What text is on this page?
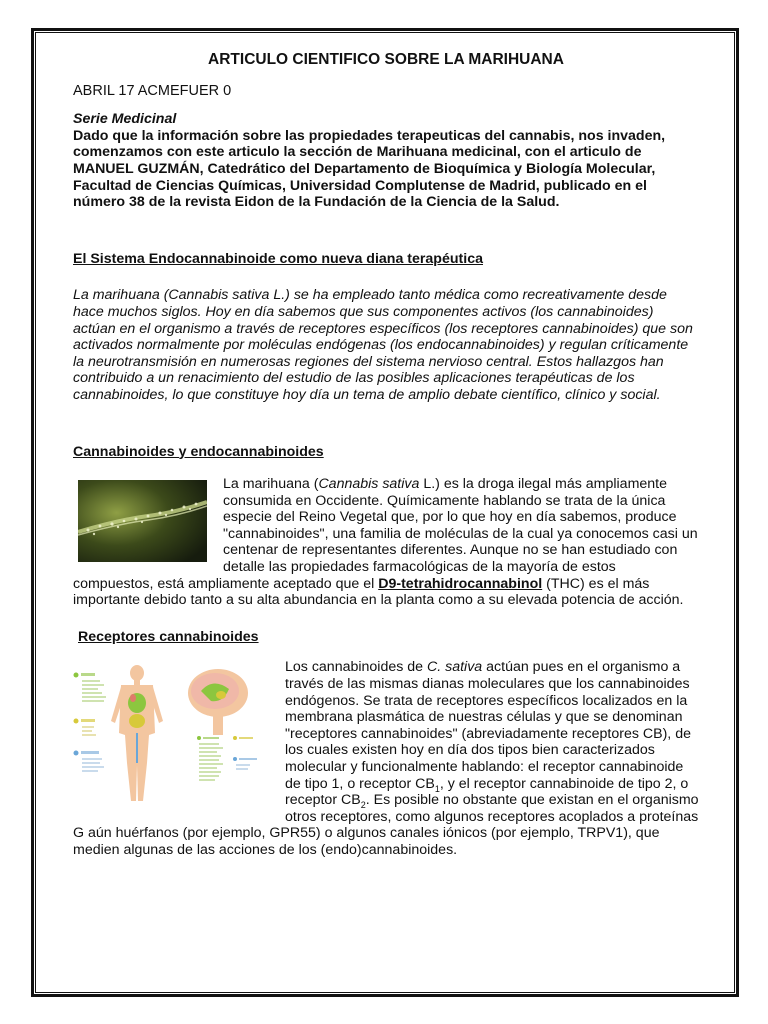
ARTICULO CIENTIFICO SOBRE LA MARIHUANA
ABRIL 17 ACMEFUER 0
Serie Medicinal

Dado que la información sobre las propiedades terapeuticas del cannabis, nos invaden, comenzamos con este articulo la sección de Marihuana medicinal, con el articulo de MANUEL GUZMÁN, Catedrático del Departamento de Bioquímica y Biología Molecular, Facultad de Ciencias Químicas, Universidad Complutense de Madrid, publicado en el número 38 de la revista Eidon de la Fundación de la Ciencia de la Salud.

El Sistema Endocannabinoide como nueva diana terapéutica

La marihuana (Cannabis sativa L.) se ha empleado tanto médica como recreativamente desde hace muchos siglos. Hoy en día sabemos que sus componentes activos (los cannabinoides) actúan en el organismo a través de receptores específicos (los receptores cannabinoides) que son activados normalmente por moléculas endógenas (los endocannabinoides) y regulan críticamente la neurotransmisión en numerosas regiones del sistema nervioso central. Estos hallazgos han contribuido a un renacimiento del estudio de las posibles aplicaciones terapéuticas de los cannabinoides, lo que constituye hoy día un tema de amplio debate científico, clínico y social.

Cannabinoides y endocannabinoides
La marihuana (Cannabis sativa L.) es la droga ilegal más ampliamente consumida en Occidente. Químicamente hablando se trata de la única especie del Reino Vegetal que, por lo que hoy en día sabemos, produce "cannabinoides", una familia de moléculas de la cual ya conocemos casi un centenar de representantes diferentes. Aunque no se han estudiado con detalle las propiedades farmacológicas de la mayoría de estos compuestos, está ampliamente aceptado que el D9-tetrahidrocannabinol (THC) es el más importante debido tanto a su alta abundancia en la planta como a su elevada potencia de acción.
Receptores cannabinoides
Los cannabinoides de C. sativa actúan pues en el organismo a través de las mismas dianas moleculares que los cannabinoides endógenos. Se trata de receptores específicos localizados en la membrana plasmática de nuestras células y que se denominan "receptores cannabinoides" (abreviadamente receptores CB), de los cuales existen hoy en día dos tipos bien caracterizados molecular y funcionalmente hablando: el receptor cannabinoide de tipo 1, o receptor $CB_1$, y el receptor cannabinoide de tipo 2, o receptor $CB_2$. Es posible no obstante que existan en el organismo otros receptores, como algunos receptores acoplados a proteínas G aún huérfanos (por ejemplo, GPR55) o algunos canales iónicos (por ejemplo, TRPV1), que medien algunas de las acciones de los (endo)cannabinoides.
